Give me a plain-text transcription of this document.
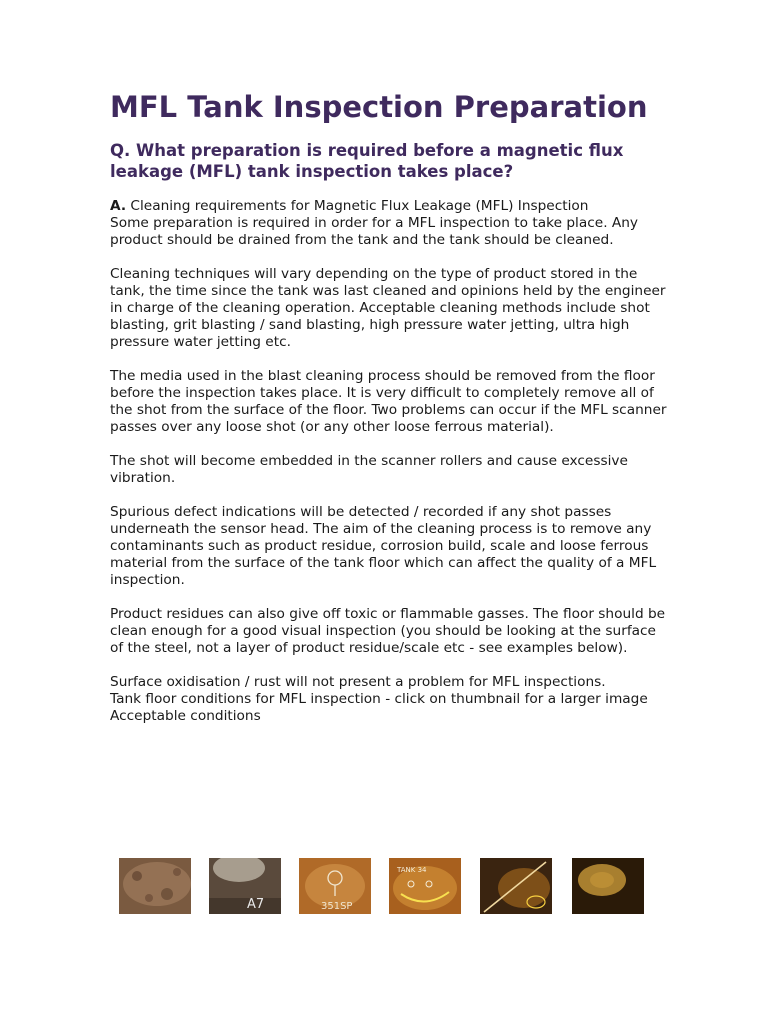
MFL Tank Inspection Preparation
Q. What preparation is required before a magnetic flux leakage (MFL) tank inspection takes place?

A. Cleaning requirements for Magnetic Flux Leakage (MFL) Inspection

Some preparation is required in order for a MFL inspection to take place. Any product should be drained from the tank and the tank should be cleaned.

Cleaning techniques will vary depending on the type of product stored in the tank, the time since the tank was last cleaned and opinions held by the engineer in charge of the cleaning operation. Acceptable cleaning methods include shot blasting, grit blasting / sand blasting, high pressure water jetting, ultra high pressure water jetting etc.

The media used in the blast cleaning process should be removed from the floor before the inspection takes place. It is very difficult to completely remove all of the shot from the surface of the floor. Two problems can occur if the MFL scanner passes over any loose shot (or any other loose ferrous material).

The shot will become embedded in the scanner rollers and cause excessive vibration.

Spurious defect indications will be detected / recorded if any shot passes underneath the sensor head. The aim of the cleaning process is to remove any contaminants such as product residue, corrosion build, scale and loose ferrous material from the surface of the tank floor which can affect the quality of a MFL inspection.

Product residues can also give off toxic or flammable gasses. The floor should be clean enough for a good visual inspection (you should be looking at the surface of the steel, not a layer of product residue/scale etc - see examples below).

Surface oxidisation / rust will not present a problem for MFL inspections.

Tank floor conditions for MFL inspection - click on thumbnail for a larger image

Acceptable conditions

A7	351SP
TANK 34
